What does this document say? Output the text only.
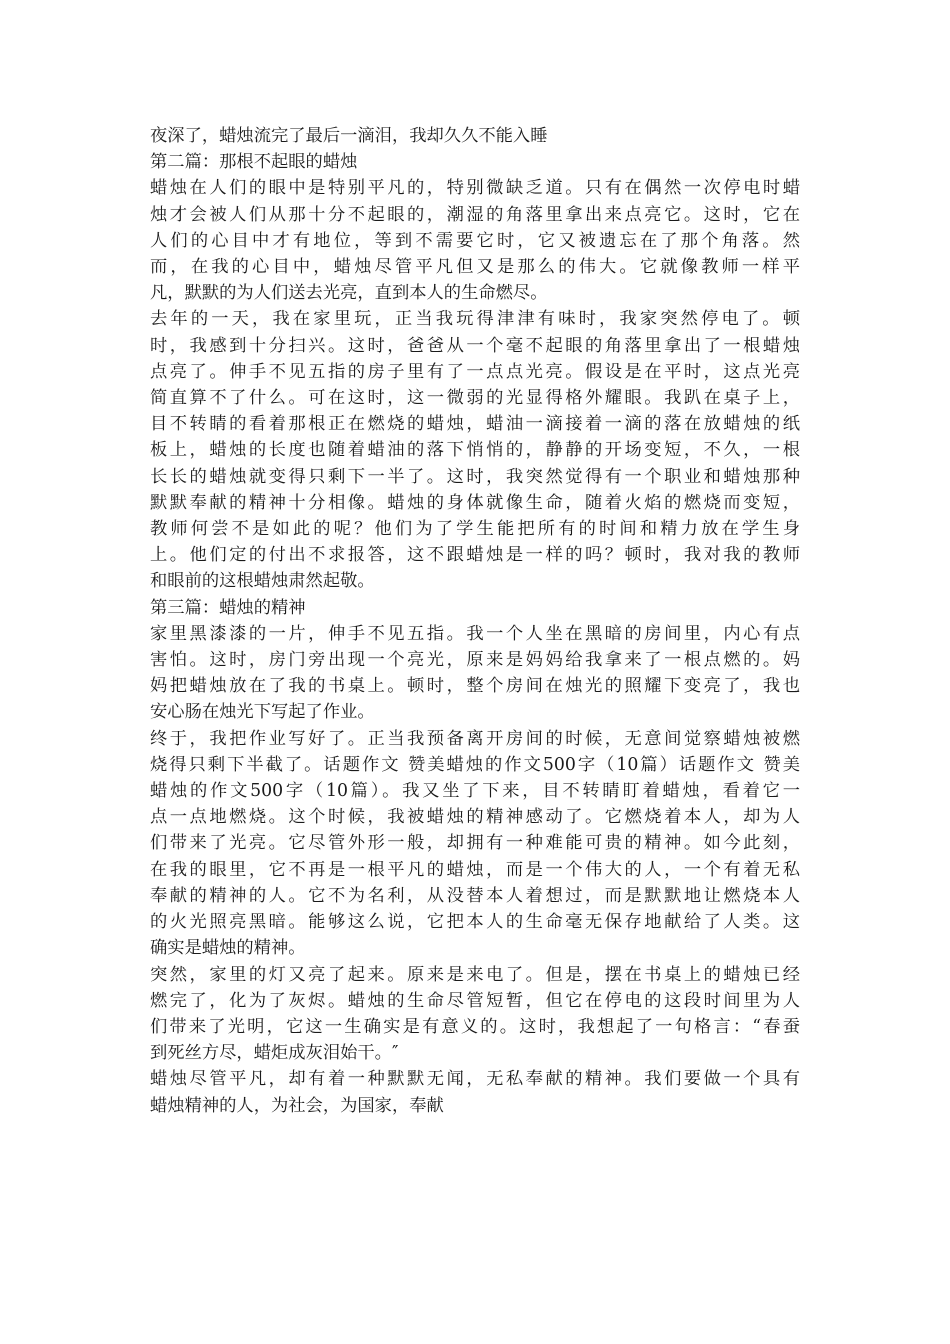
夜深了，蜡烛流完了最后一滴泪，我却久久不能入睡
第二篇：那根不起眼的蜡烛
蜡烛在人们的眼中是特别平凡的，特别微缺乏道。只有在偶然一次停电时蜡
烛才会被人们从那十分不起眼的，潮湿的角落里拿出来点亮它。这时，它在
人们的心目中才有地位，等到不需要它时，它又被遗忘在了那个角落。然
而，在我的心目中，蜡烛尽管平凡但又是那么的伟大。它就像教师一样平
凡，默默的为人们送去光亮，直到本人的生命燃尽。
去年的一天，我在家里玩，正当我玩得津津有味时，我家突然停电了。顿
时，我感到十分扫兴。这时，爸爸从一个毫不起眼的角落里拿出了一根蜡烛
点亮了。伸手不见五指的房子里有了一点点光亮。假设是在平时，这点光亮
简直算不了什么。可在这时，这一微弱的光显得格外耀眼。我趴在桌子上，
目不转睛的看着那根正在燃烧的蜡烛，蜡油一滴接着一滴的落在放蜡烛的纸
板上，蜡烛的长度也随着蜡油的落下悄悄的，静静的开场变短，不久，一根
长长的蜡烛就变得只剩下一半了。这时，我突然觉得有一个职业和蜡烛那种
默默奉献的精神十分相像。蜡烛的身体就像生命，随着火焰的燃烧而变短，
教师何尝不是如此的呢？他们为了学生能把所有的时间和精力放在学生身
上。他们定的付出不求报答，这不跟蜡烛是一样的吗？顿时，我对我的教师
和眼前的这根蜡烛肃然起敬。
第三篇：蜡烛的精神
家里黑漆漆的一片，伸手不见五指。我一个人坐在黑暗的房间里，内心有点
害怕。这时，房门旁出现一个亮光，原来是妈妈给我拿来了一根点燃的。妈
妈把蜡烛放在了我的书桌上。顿时，整个房间在烛光的照耀下变亮了，我也
安心肠在烛光下写起了作业。
终于，我把作业写好了。正当我预备离开房间的时候，无意间觉察蜡烛被燃
烧得只剩下半截了。话题作文 赞美蜡烛的作文500字（10篇）话题作文 赞美
蜡烛的作文500字（10篇）。我又坐了下来，目不转睛盯着蜡烛，看着它一
点一点地燃烧。这个时候，我被蜡烛的精神感动了。它燃烧着本人，却为人
们带来了光亮。它尽管外形一般，却拥有一种难能可贵的精神。如今此刻，
在我的眼里，它不再是一根平凡的蜡烛，而是一个伟大的人，一个有着无私
奉献的精神的人。它不为名利，从没替本人着想过，而是默默地让燃烧本人
的火光照亮黑暗。能够这么说，它把本人的生命毫无保存地献给了人类。这
确实是蜡烛的精神。
突然，家里的灯又亮了起来。原来是来电了。但是，摆在书桌上的蜡烛已经
燃完了，化为了灰烬。蜡烛的生命尽管短暂，但它在停电的这段时间里为人
们带来了光明，它这一生确实是有意义的。这时，我想起了一句格言：“春蚕
到死丝方尽，蜡炬成灰泪始干。″
蜡烛尽管平凡，却有着一种默默无闻，无私奉献的精神。我们要做一个具有
蜡烛精神的人，为社会，为国家，奉献
